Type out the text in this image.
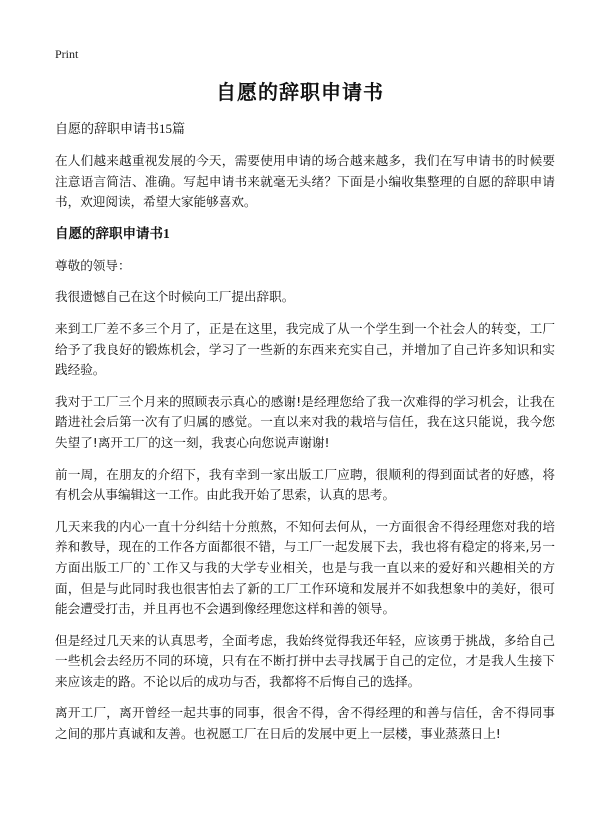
Print
自愿的辞职申请书

自愿的辞职申请书15篇

在人们越来越重视发展的今天，需要使用申请的场合越来越多，我们在写申请书的时候要注意语言简洁、准确。写起申请书来就毫无头绪？下面是小编收集整理的自愿的辞职申请书，欢迎阅读，希望大家能够喜欢。

自愿的辞职申请书1

尊敬的领导：

我很遗憾自己在这个时候向工厂提出辞职。

来到工厂差不多三个月了，正是在这里，我完成了从一个学生到一个社会人的转变，工厂给予了我良好的锻炼机会，学习了一些新的东西来充实自己，并增加了自己许多知识和实践经验。

我对于工厂三个月来的照顾表示真心的感谢!是经理您给了我一次难得的学习机会，让我在踏进社会后第一次有了归属的感觉。一直以来对我的栽培与信任，我在这只能说，我今您失望了!离开工厂的这一刻，我衷心向您说声谢谢!

前一周，在朋友的介绍下，我有幸到一家出版工厂应聘，很顺利的得到面试者的好感，将有机会从事编辑这一工作。由此我开始了思索，认真的思考。

几天来我的内心一直十分纠结十分煎熬，不知何去何从，一方面很舍不得经理您对我的培养和教导，现在的工作各方面都很不错，与工厂一起发展下去，我也将有稳定的将来,另一方面出版工厂的`工作又与我的大学专业相关，也是与我一直以来的爱好和兴趣相关的方面，但是与此同时我也很害怕去了新的工厂工作环境和发展并不如我想象中的美好，很可能会遭受打击，并且再也不会遇到像经理您这样和善的领导。

但是经过几天来的认真思考，全面考虑，我始终觉得我还年轻，应该勇于挑战，多给自己一些机会去经历不同的环境，只有在不断打拼中去寻找属于自己的定位，才是我人生接下来应该走的路。不论以后的成功与否，我都将不后悔自己的选择。

离开工厂，离开曾经一起共事的同事，很舍不得，舍不得经理的和善与信任，舍不得同事之间的那片真诚和友善。也祝愿工厂在日后的发展中更上一层楼，事业蒸蒸日上!
